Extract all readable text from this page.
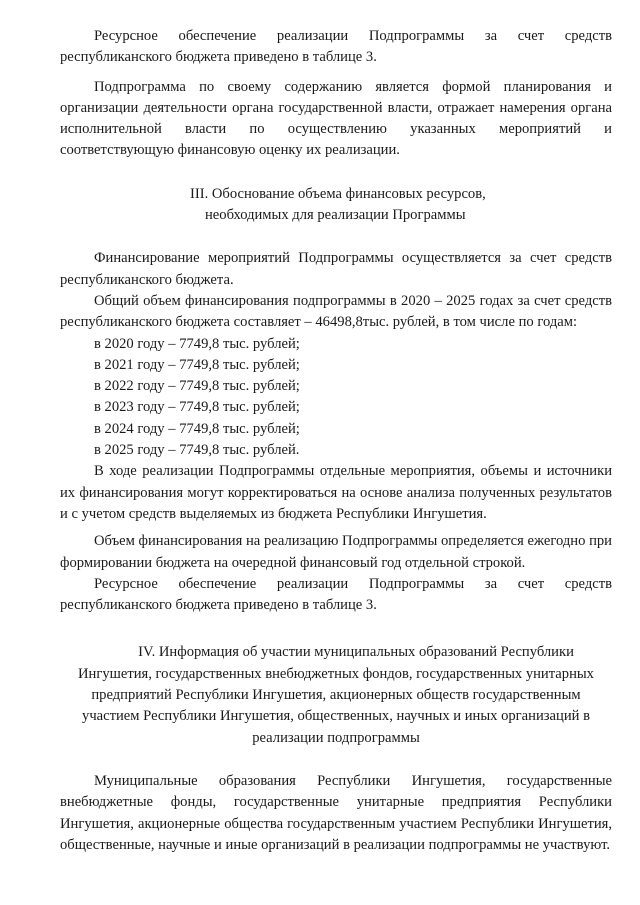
Ресурсное обеспечение реализации Подпрограммы за счет средств республиканского бюджета приведено в таблице 3.

Подпрограмма по своему содержанию является формой планирования и организации деятельности органа государственной власти, отражает намерения органа исполнительной власти по осуществлению указанных мероприятий и соответствующую финансовую оценку их реализации.

III. Обоснование объема финансовых ресурсов,

необходимых для реализации Программы

Финансирование мероприятий Подпрограммы осуществляется за счет средств республиканского бюджета.

Общий объем финансирования подпрограммы в 2020 – 2025 годах за счет средств республиканского бюджета составляет – 46498,8тыс. рублей, в том числе по годам:

в 2020 году – 7749,8 тыс. рублей;
в 2021 году – 7749,8 тыс. рублей;
в 2022 году – 7749,8 тыс. рублей;
в 2023 году – 7749,8 тыс. рублей;
в 2024 году – 7749,8 тыс. рублей;
в 2025 году – 7749,8 тыс. рублей.

В ходе реализации Подпрограммы отдельные мероприятия, объемы и источники их финансирования могут корректироваться на основе анализа полученных результатов и с учетом средств выделяемых из бюджета Республики Ингушетия.

Объем финансирования на реализацию Подпрограммы определяется ежегодно при формировании бюджета на очередной финансовый год отдельной строкой.

Ресурсное обеспечение реализации Подпрограммы за счет средств республиканского бюджета приведено в таблице 3.

IV. Информация об участии муниципальных образований Республики

Ингушетия, государственных внебюджетных фондов, государственных унитарных

предприятий Республики Ингушетия, акционерных обществ государственным

участием Республики Ингушетия, общественных, научных и иных организаций в

реализации подпрограммы

Муниципальные образования Республики Ингушетия, государственные внебюджетные фонды, государственные унитарные предприятия Республики Ингушетия, акционерные общества государственным участием Республики Ингушетия, общественные, научные и иные организаций в реализации подпрограммы не участвуют.
